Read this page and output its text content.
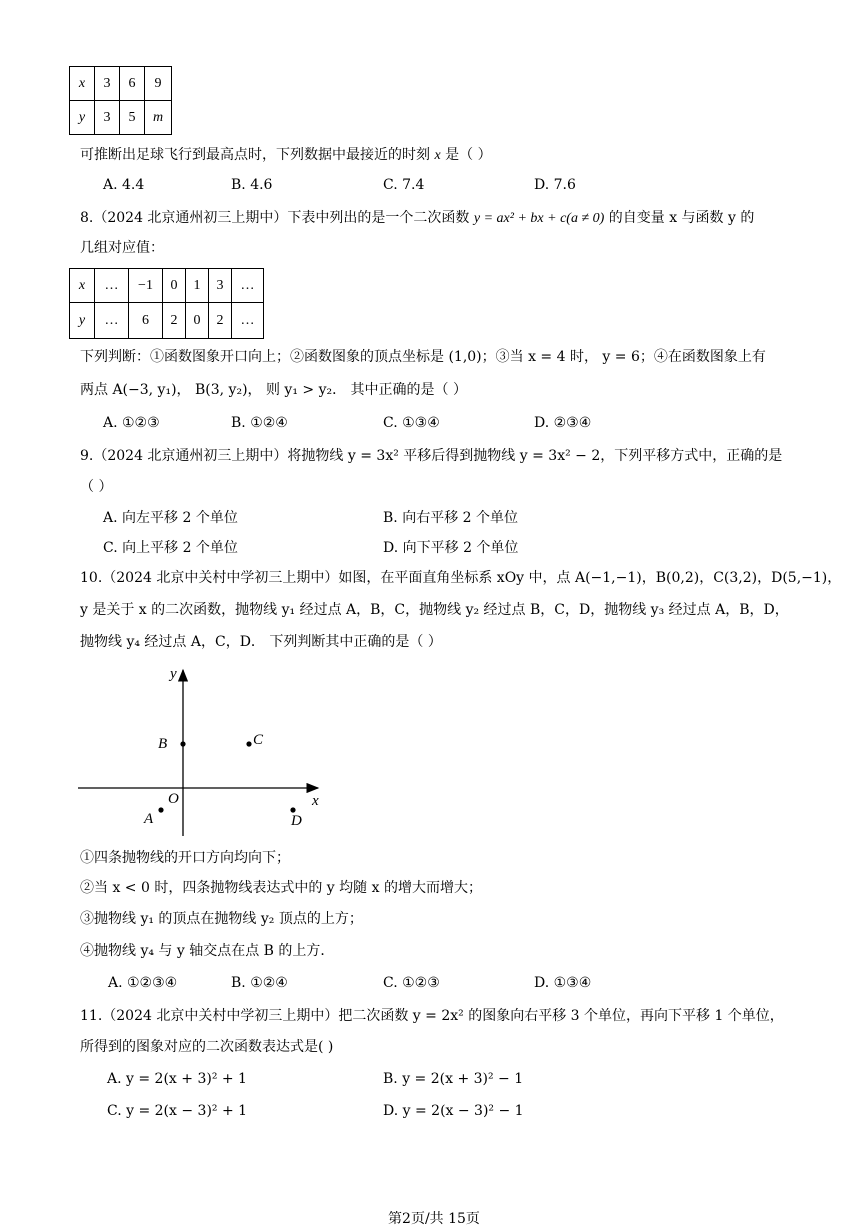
x	3	6	9
y	3	5	m
可推断出足球飞行到最高点时，下列数据中最接近的时刻 x 是（ ）
A. 4.4	B. 4.6	C. 7.4	D. 7.6
8.（2024 北京通州初三上期中）下表中列出的是一个二次函数 y = ax² + bx + c(a ≠ 0) 的自变量 x 与函数 y 的
几组对应值：
x	…	−1	0	1	3	…
y	…	6	2	0	2	…
下列判断：①函数图象开口向上；②函数图象的顶点坐标是 (1,0)；③当 x = 4 时， y = 6；④在函数图象上有
两点 A(−3, y₁)， B(3, y₂)， 则 y₁ > y₂． 其中正确的是（ ）
A. ①②③	B. ①②④	C. ①③④	D. ②③④
9.（2024 北京通州初三上期中）将抛物线 y = 3x² 平移后得到抛物线 y = 3x² − 2，下列平移方式中，正确的是
（ ）
A. 向左平移 2 个单位	B. 向右平移 2 个单位
C. 向上平移 2 个单位	D. 向下平移 2 个单位
10.（2024 北京中关村中学初三上期中）如图，在平面直角坐标系 xOy 中，点 A(−1,−1)，B(0,2)，C(3,2)，D(5,−1)，
y 是关于 x 的二次函数，抛物线 y₁ 经过点 A，B，C，抛物线 y₂ 经过点 B，C，D，抛物线 y₃ 经过点 A，B，D，
抛物线 y₄ 经过点 A，C，D． 下列判断其中正确的是（ ）
x
y
O
B	C
A	D
①四条抛物线的开口方向均向下；
②当 x < 0 时，四条抛物线表达式中的 y 均随 x 的增大而增大；
③抛物线 y₁ 的顶点在抛物线 y₂ 顶点的上方；
④抛物线 y₄ 与 y 轴交点在点 B 的上方．
A. ①②③④	B. ①②④	C. ①②③	D. ①③④
11.（2024 北京中关村中学初三上期中）把二次函数 y = 2x² 的图象向右平移 3 个单位，再向下平移 1 个单位，
所得到的图象对应的二次函数表达式是( )
A. y = 2(x + 3)² + 1	B. y = 2(x + 3)² − 1
C. y = 2(x − 3)² + 1	D. y = 2(x − 3)² − 1
第2页/共 15页
